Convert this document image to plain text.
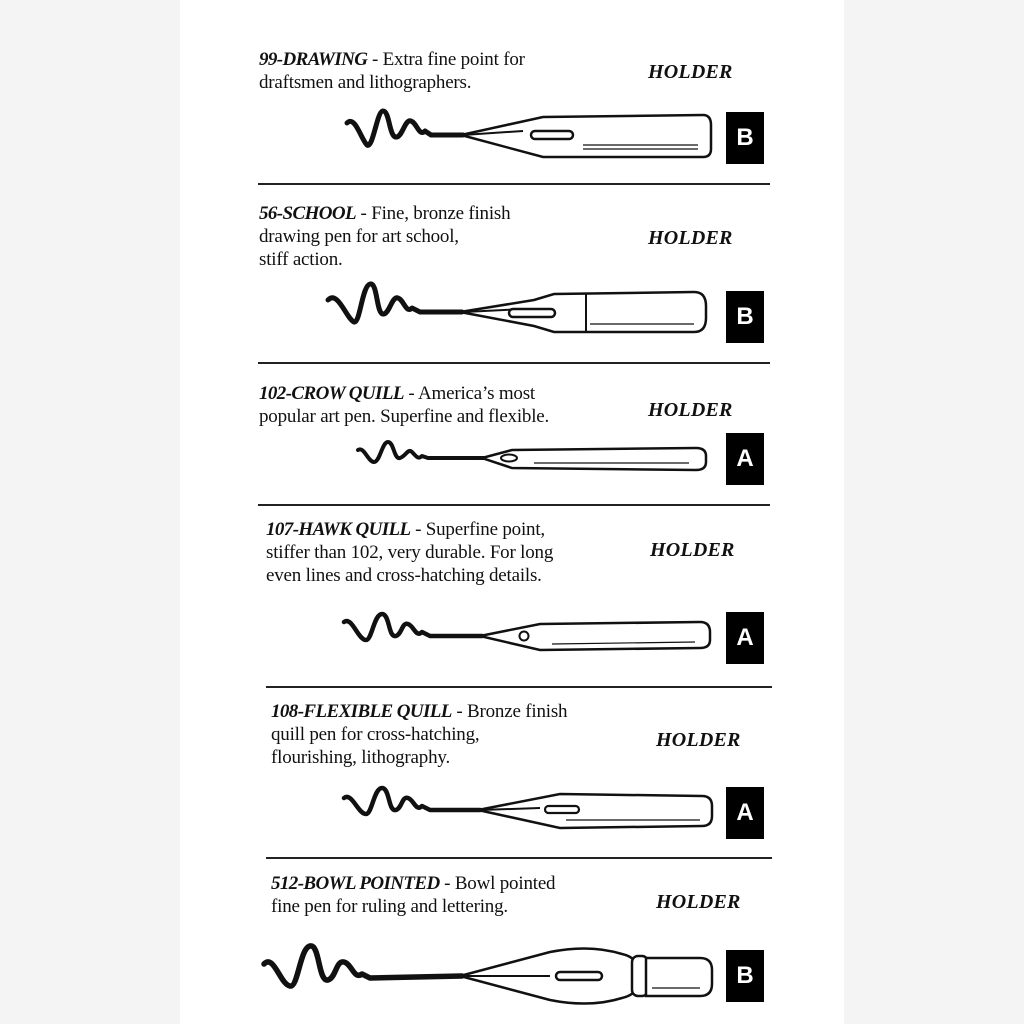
99-DRAWING - Extra fine point for
draftsmen and lithographers.	HOLDER
B
56-SCHOOL - Fine, bronze finish
drawing pen for art school,
stiff action.
HOLDER
B
102-CROW QUILL - America’s most
popular art pen. Superfine and flexible.	HOLDER
A
107-HAWK QUILL - Superfine point,
stiffer than 102, very durable. For long
even lines and cross-hatching details.
HOLDER
A
108-FLEXIBLE QUILL - Bronze finish
quill pen for cross-hatching,
flourishing, lithography.
HOLDER
A
512-BOWL POINTED - Bowl pointed
fine pen for ruling and lettering.	HOLDER
B
